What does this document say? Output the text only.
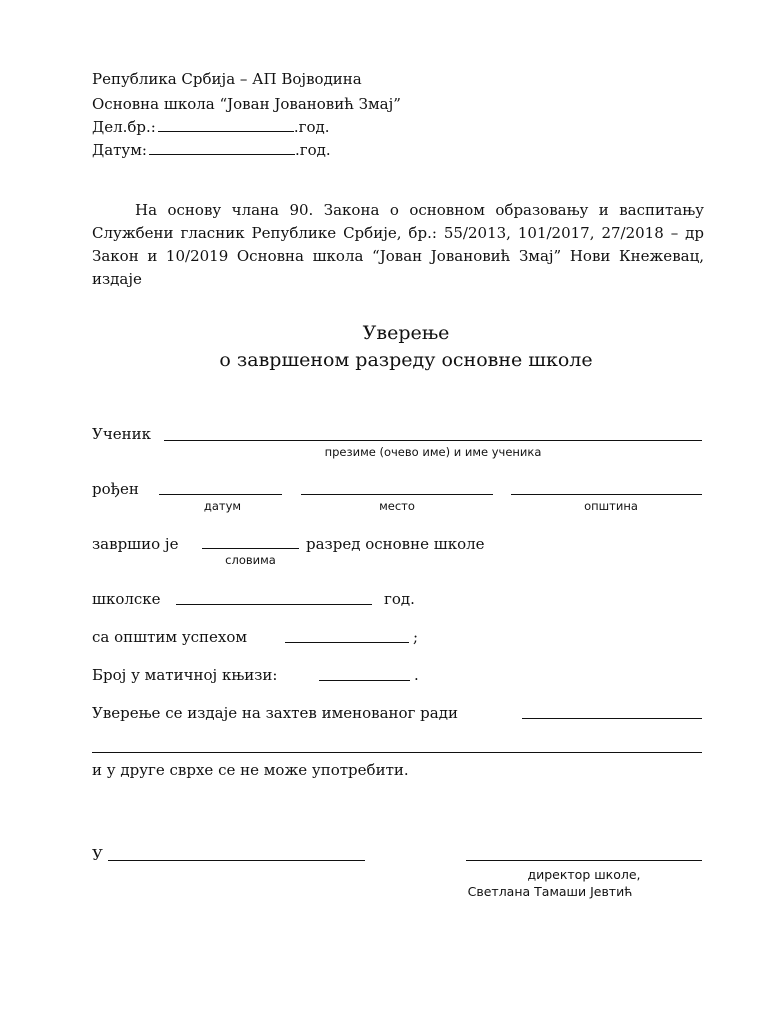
Република Србија – АП Војводина
Основна школа “Јован Јовановић Змај”
Дел.бр.:	.год.
Датум:	.год.
На основу члана 90. Закона о основном образовању и васпитању Службени гласник Републике Србије, бр.: 55/2013, 101/2017, 27/2018 – др Закон и 10/2019 Основна школа “Јован Јовановић Змај” Нови Кнежевац, издаје
Уверење
о завршеном разреду основне школе
Ученик
презиме (очево име) и име ученика
рођен
датум	место	општина
завршио је	разред основне школе
словима
школске	год.
са општим успехом	;
Број у матичној књизи:	.
Уверење се издаје на захтев именованог ради
и у друге сврхе се не може употребити.
У
директор школе,
Светлана Тамаши Јевтић
